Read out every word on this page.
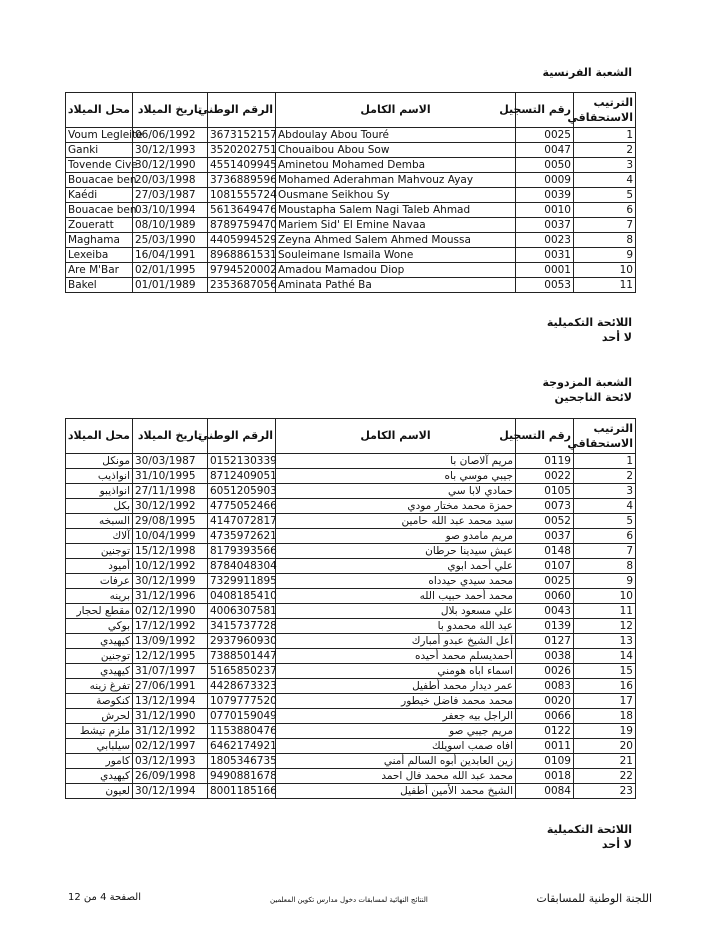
الشعبة الفرنسية
الترتيب الاستحقاقي	رقم التسجيل	الاسم الكامل	الرقم الوطني	تاريخ الميلاد	محل الميلاد
1	0025	Abdoulay Abou Touré	3673152157	06/06/1992	Voum Legleite
2	0047	Chouaibou Abou Sow	3520202751	30/12/1993	Ganki
3	0050	Aminetou Mohamed Demba	4551409945	30/12/1990	Tovende Cive
4	0009	Mohamed Aderahman Mahvouz Ayay	3736889596	20/03/1998	Bouacae ben
5	0039	Ousmane Seikhou Sy	1081555724	27/03/1987	Kaédi
6	0010	Moustapha Salem Nagi Taleb Ahmad	5613649476	03/10/1994	Bouacae ben
7	0037	Mariem Sid' El Emine Navaa	8789759470	08/10/1989	Zoueratt
8	0023	Zeyna Ahmed Salem Ahmed Moussa	4405994529	25/03/1990	Maghama
9	0031	Souleimane Ismaila Wone	8968861531	16/04/1991	Lexeiba
10	0001	Amadou Mamadou Diop	9794520002	02/01/1995	Are M'Bar
11	0053	Aminata Pathé Ba	2353687056	01/01/1989	Bakel
اللائحة التكميلية
لا أحد
الشعبة المزدوجة
لائحة الناجحين
الترتيب الاستحقاقي	رقم التسجيل	الاسم الكامل	الرقم الوطني	تاريخ الميلاد	محل الميلاد
1	0119	مريم آلاصان با	0152130339	30/03/1987	مونكل
2	0022	جيبي موسي باه	8712409051	31/10/1995	انواذيب
3	0105	حمادي لابا سي	6051205903	27/11/1998	انواذيبو
4	0073	حمزة محمد مختار مودي	4775052466	30/12/1992	بكل
5	0052	سيد محمد عبد الله حامين	4147072817	29/08/1995	السبخه
6	0037	مريم مامدو صو	4735972621	10/04/1999	آلاك
7	0148	عيش سيدينا حرطان	8179393566	15/12/1998	توجنين
8	0107	علي أحمد ابوي	8784048304	10/12/1992	أميود
9	0025	محمد سيدي حيدداه	7329911895	30/12/1999	عرفات
10	0060	محمد أحمد حبيب الله	0408185410	31/12/1996	برينه
11	0043	علي مسعود بلال	4006307581	02/12/1990	مقطع لحجار
12	0139	عبد الله محمدو با	3415737728	17/12/1992	بوكي
13	0127	أعل الشيخ عبدو أمبارك	2937960930	13/09/1992	كيهيدي
14	0038	أحمديسلم محمد أحيده	7388501447	12/12/1995	توجنين
15	0026	اسماء اباه هومني	5165850237	31/07/1997	كيهيدي
16	0083	عمر ديدار محمد أطفيل	4428673323	27/06/1991	تفرغ زينه
17	0020	محمد محمد فاضل خيطور	1079777520	13/12/1994	كنكوصة
18	0066	الراجل بيه جعفر	0770159049	31/12/1990	لحرش
19	0122	مريم جيبي صو	1153880476	31/12/1992	ملزم تيشط
20	0011	افاه صمب اسويلك	6462174921	02/12/1997	سيلبابي
21	0109	زين العابدين أبوه السالم أمني	1805346735	03/12/1993	كامور
22	0018	محمد عبد الله محمد فال احمد	9490881678	26/09/1998	كيهيدي
23	0084	الشيخ محمد الأمين أطفيل	8001185166	30/12/1994	لعيون
اللائحة التكميلية
لا أحد
الصفحة 4 من 12	النتائج النهائية لمسابقات دخول مدارس تكوين المعلمين	اللجنة الوطنية للمسابقات
